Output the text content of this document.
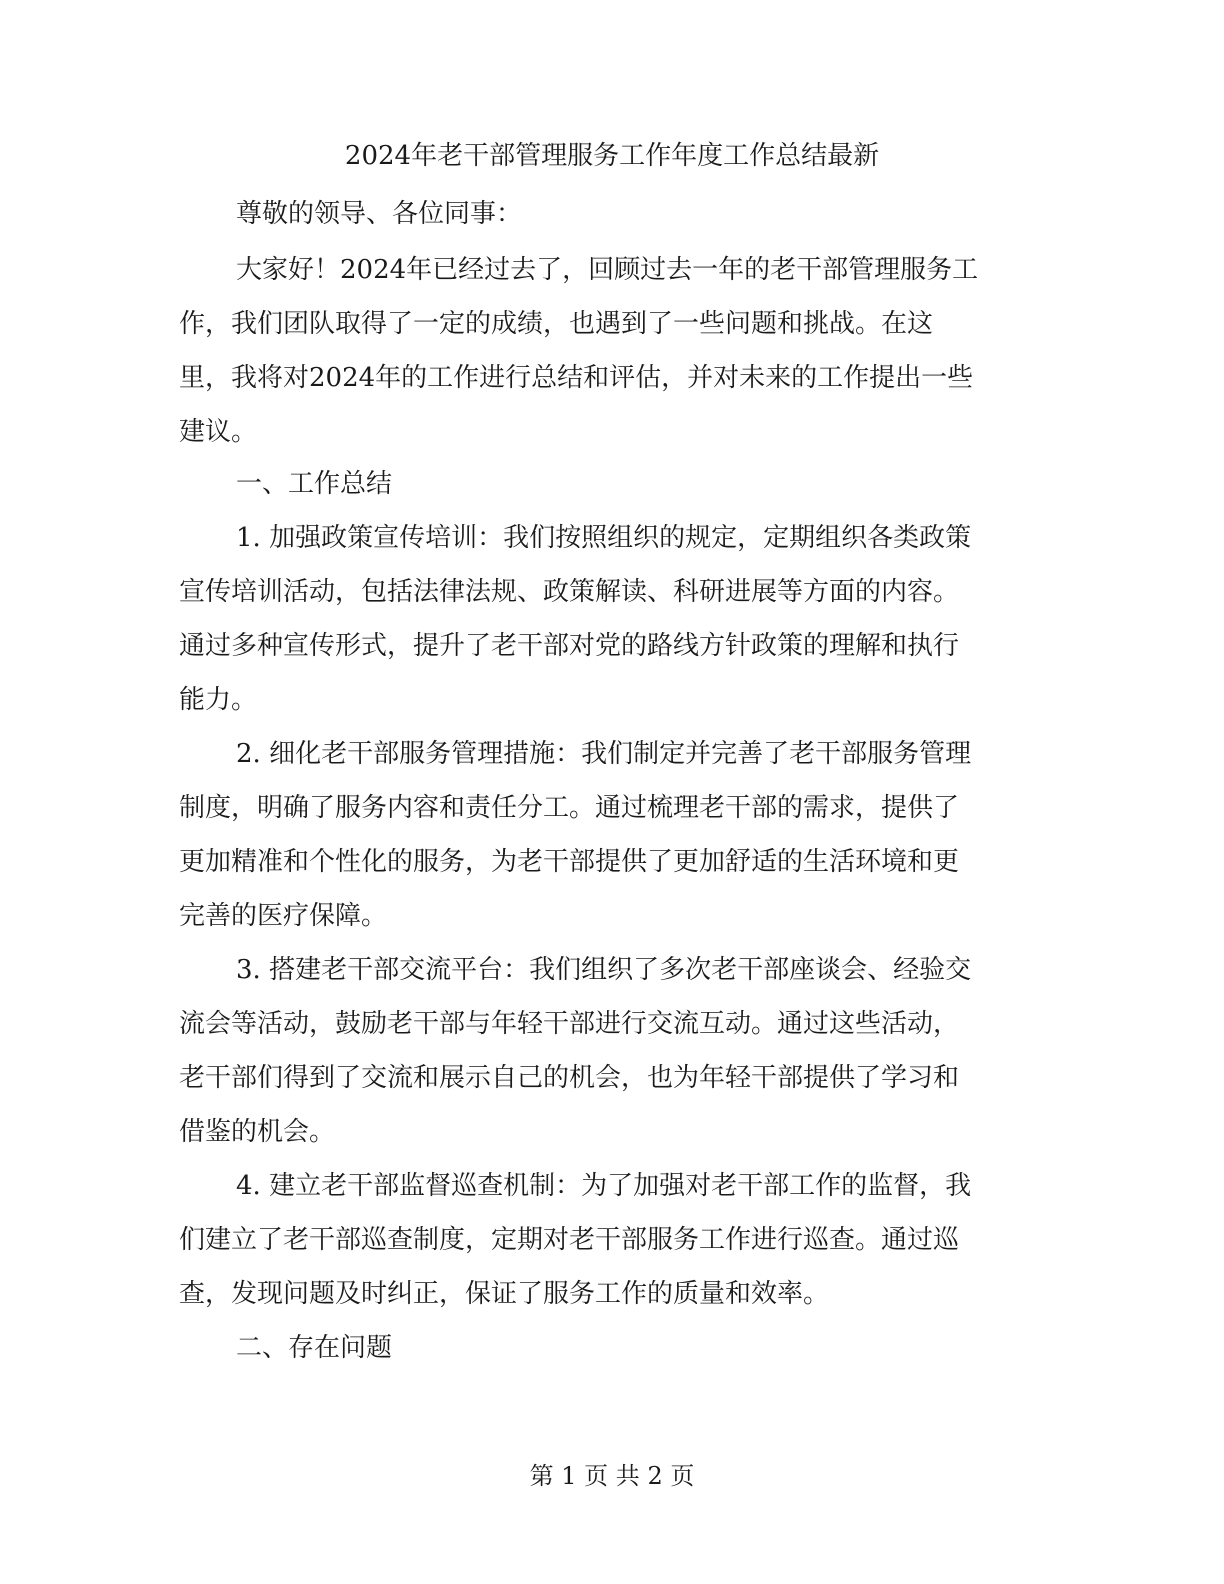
2024年老干部管理服务工作年度工作总结最新
尊敬的领导、各位同事：
大家好！2024年已经过去了，回顾过去一年的老干部管理服务工
作，我们团队取得了一定的成绩，也遇到了一些问题和挑战。在这
里，我将对2024年的工作进行总结和评估，并对未来的工作提出一些
建议。
一、工作总结
1. 加强政策宣传培训：我们按照组织的规定，定期组织各类政策
宣传培训活动，包括法律法规、政策解读、科研进展等方面的内容。
通过多种宣传形式，提升了老干部对党的路线方针政策的理解和执行
能力。
2. 细化老干部服务管理措施：我们制定并完善了老干部服务管理
制度，明确了服务内容和责任分工。通过梳理老干部的需求，提供了
更加精准和个性化的服务，为老干部提供了更加舒适的生活环境和更
完善的医疗保障。
3. 搭建老干部交流平台：我们组织了多次老干部座谈会、经验交
流会等活动，鼓励老干部与年轻干部进行交流互动。通过这些活动，
老干部们得到了交流和展示自己的机会，也为年轻干部提供了学习和
借鉴的机会。
4. 建立老干部监督巡查机制：为了加强对老干部工作的监督，我
们建立了老干部巡查制度，定期对老干部服务工作进行巡查。通过巡
查，发现问题及时纠正，保证了服务工作的质量和效率。
二、存在问题
第 1 页 共 2 页
